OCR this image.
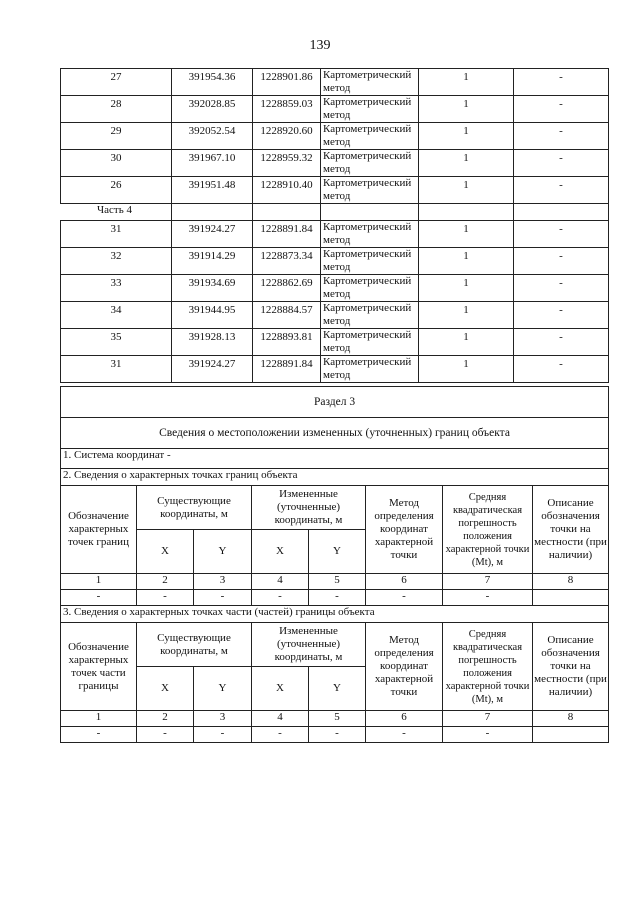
139
27	391954.36	1228901.86	Картометрический метод	1	-
28	392028.85	1228859.03	Картометрический метод	1	-
29	392052.54	1228920.60	Картометрический метод	1	-
30	391967.10	1228959.32	Картометрический метод	1	-
26	391951.48	1228910.40	Картометрический метод	1	-
Часть 4					
31	391924.27	1228891.84	Картометрический метод	1	-
32	391914.29	1228873.34	Картометрический метод	1	-
33	391934.69	1228862.69	Картометрический метод	1	-
34	391944.95	1228884.57	Картометрический метод	1	-
35	391928.13	1228893.81	Картометрический метод	1	-
31	391924.27	1228891.84	Картометрический метод	1	-
Раздел 3							
Сведения о местоположении измененных (уточненных) границ объекта							
1. Система координат -							
2. Сведения о характерных точках границ объекта							
Обозначение характерных точек границ	Существующие координаты, м		Измененные (уточненные) координаты, м		Метод определения координат характерной точки	Средняя квадратическая погрешность положения характерной точки (Mt), м	Описание обозначения точки на местности (при наличии)
	X	Y	X	Y			
1	2	3	4	5	6	7	8
-	-	-	-	-	-	-	
3. Сведения о характерных точках части (частей) границы объекта							
Обозначение характерных точек части границы	Существующие координаты, м		Измененные (уточненные) координаты, м		Метод определения координат характерной точки	Средняя квадратическая погрешность положения характерной точки (Mt), м	Описание обозначения точки на местности (при наличии)
	X	Y	X	Y			
1	2	3	4	5	6	7	8
-	-	-	-	-	-	-	
